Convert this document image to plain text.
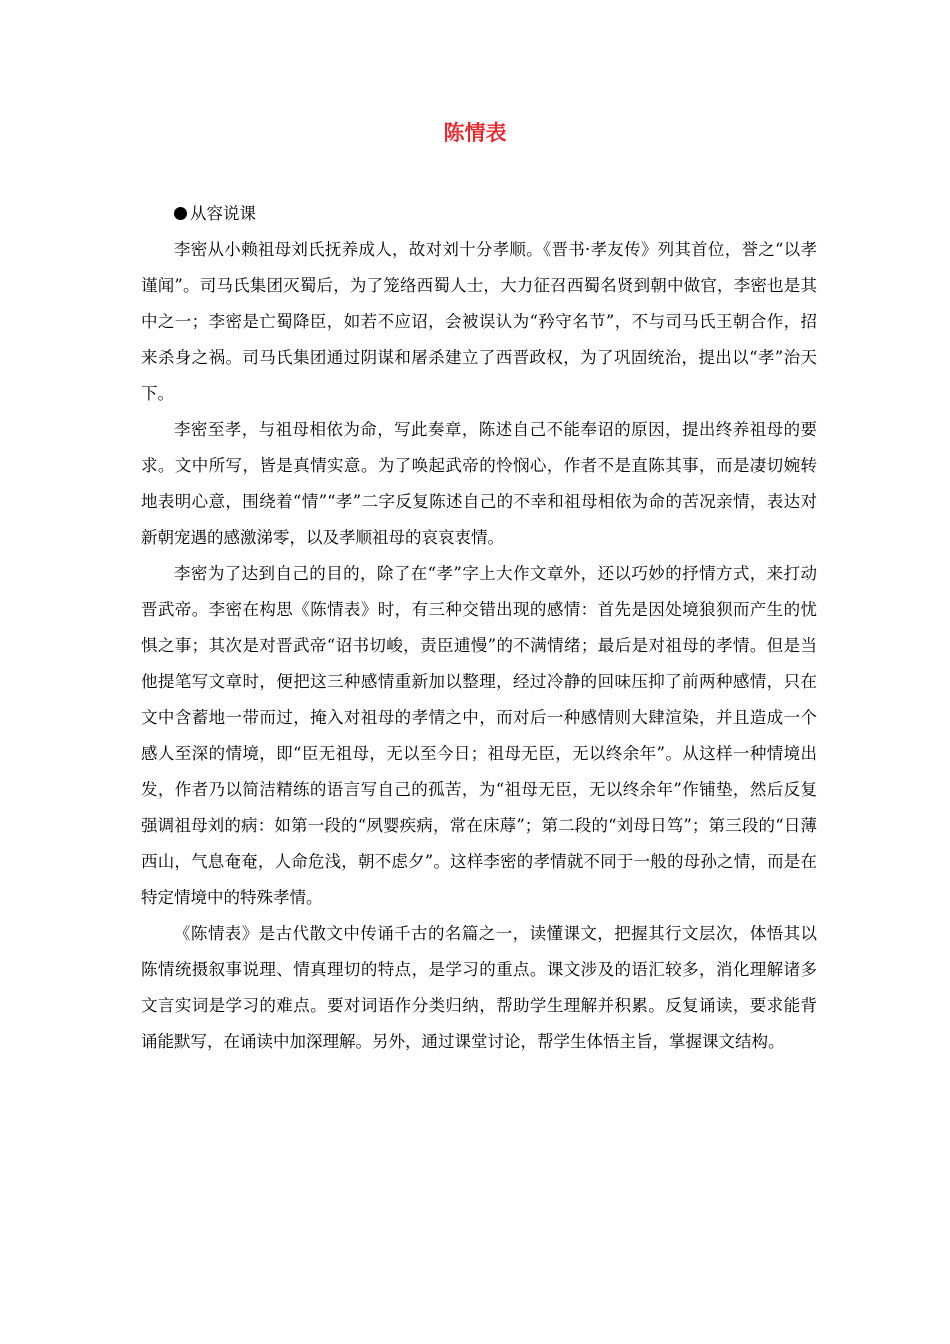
陈情表

从容说课

李密从小赖祖母刘氏抚养成人，故对刘十分孝顺。《晋书·孝友传》列其首位，誉之“以孝谨闻”。司马氏集团灭蜀后，为了笼络西蜀人士，大力征召西蜀名贤到朝中做官，李密也是其中之一；李密是亡蜀降臣，如若不应诏，会被误认为“矜守名节”，不与司马氏王朝合作，招来杀身之祸。司马氏集团通过阴谋和屠杀建立了西晋政权，为了巩固统治，提出以“孝”治天下。

李密至孝，与祖母相依为命，写此奏章，陈述自己不能奉诏的原因，提出终养祖母的要求。文中所写，皆是真情实意。为了唤起武帝的怜悯心，作者不是直陈其事，而是凄切婉转地表明心意，围绕着“情”“孝”二字反复陈述自己的不幸和祖母相依为命的苦况亲情，表达对新朝宠遇的感激涕零，以及孝顺祖母的哀哀衷情。

李密为了达到自己的目的，除了在“孝”字上大作文章外，还以巧妙的抒情方式，来打动晋武帝。李密在构思《陈情表》时，有三种交错出现的感情：首先是因处境狼狈而产生的忧惧之事；其次是对晋武帝“诏书切峻，责臣逋慢”的不满情绪；最后是对祖母的孝情。但是当他提笔写文章时，便把这三种感情重新加以整理，经过冷静的回味压抑了前两种感情，只在文中含蓄地一带而过，掩入对祖母的孝情之中，而对后一种感情则大肆渲染，并且造成一个感人至深的情境，即“臣无祖母，无以至今日；祖母无臣，无以终余年”。从这样一种情境出发，作者乃以简洁精练的语言写自己的孤苦，为“祖母无臣，无以终余年”作铺垫，然后反复强调祖母刘的病：如第一段的“夙婴疾病，常在床蓐”；第二段的“刘母日笃”；第三段的“日薄西山，气息奄奄，人命危浅，朝不虑夕”。这样李密的孝情就不同于一般的母孙之情，而是在特定情境中的特殊孝情。

《陈情表》是古代散文中传诵千古的名篇之一，读懂课文，把握其行文层次，体悟其以陈情统摄叙事说理、情真理切的特点，是学习的重点。课文涉及的语汇较多，消化理解诸多文言实词是学习的难点。要对词语作分类归纳，帮助学生理解并积累。反复诵读，要求能背诵能默写，在诵读中加深理解。另外，通过课堂讨论，帮学生体悟主旨，掌握课文结构。
